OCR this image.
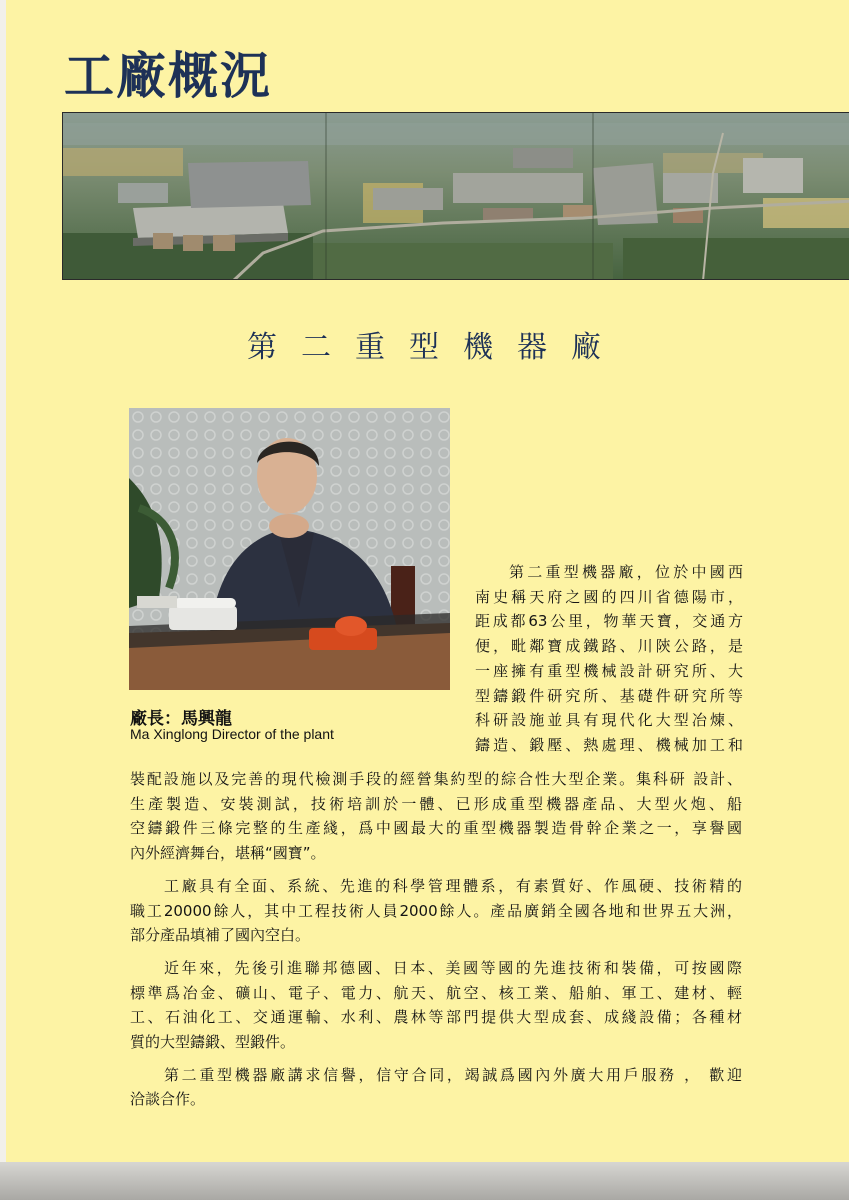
工廠概況
第二重型機器廠
廠長：馬興龍
Ma Xinglong Director of the plant
第二重型機器廠，位於中國西
南史稱天府之國的四川省德陽市，
距成都63公里，物華天寶，交通方
便，毗鄰寶成鐵路、川陝公路，是
一座擁有重型機械設計研究所、大
型鑄鍛件研究所、基礎件研究所等
科研設施並具有現代化大型冶煉、
鑄造、鍛壓、熱處理、機械加工和
裝配設施以及完善的現代檢測手段的經營集約型的綜合性大型企業。集科研 設計、
生產製造、安裝測試，技術培訓於一體、已形成重型機器產品、大型火炮、船
空鑄鍛件三條完整的生產綫，爲中國最大的重型機器製造骨幹企業之一，享譽國
內外經濟舞台，堪稱“國寶”。
工廠具有全面、系統、先進的科學管理體系，有素質好、作風硬、技術精的
職工20000餘人，其中工程技術人員2000餘人。產品廣銷全國各地和世界五大洲，
部分產品填補了國內空白。
近年來，先後引進聯邦德國、日本、美國等國的先進技術和裝備，可按國際
標準爲冶金、礦山、電子、電力、航天、航空、核工業、船舶、軍工、建材、輕
工、石油化工、交通運輸、水利、農林等部門提供大型成套、成綫設備；各種材
質的大型鑄鍛、型鍛件。
第二重型機器廠講求信譽，信守合同，竭誠爲國內外廣大用戶服務 ， 歡迎
洽談合作。
